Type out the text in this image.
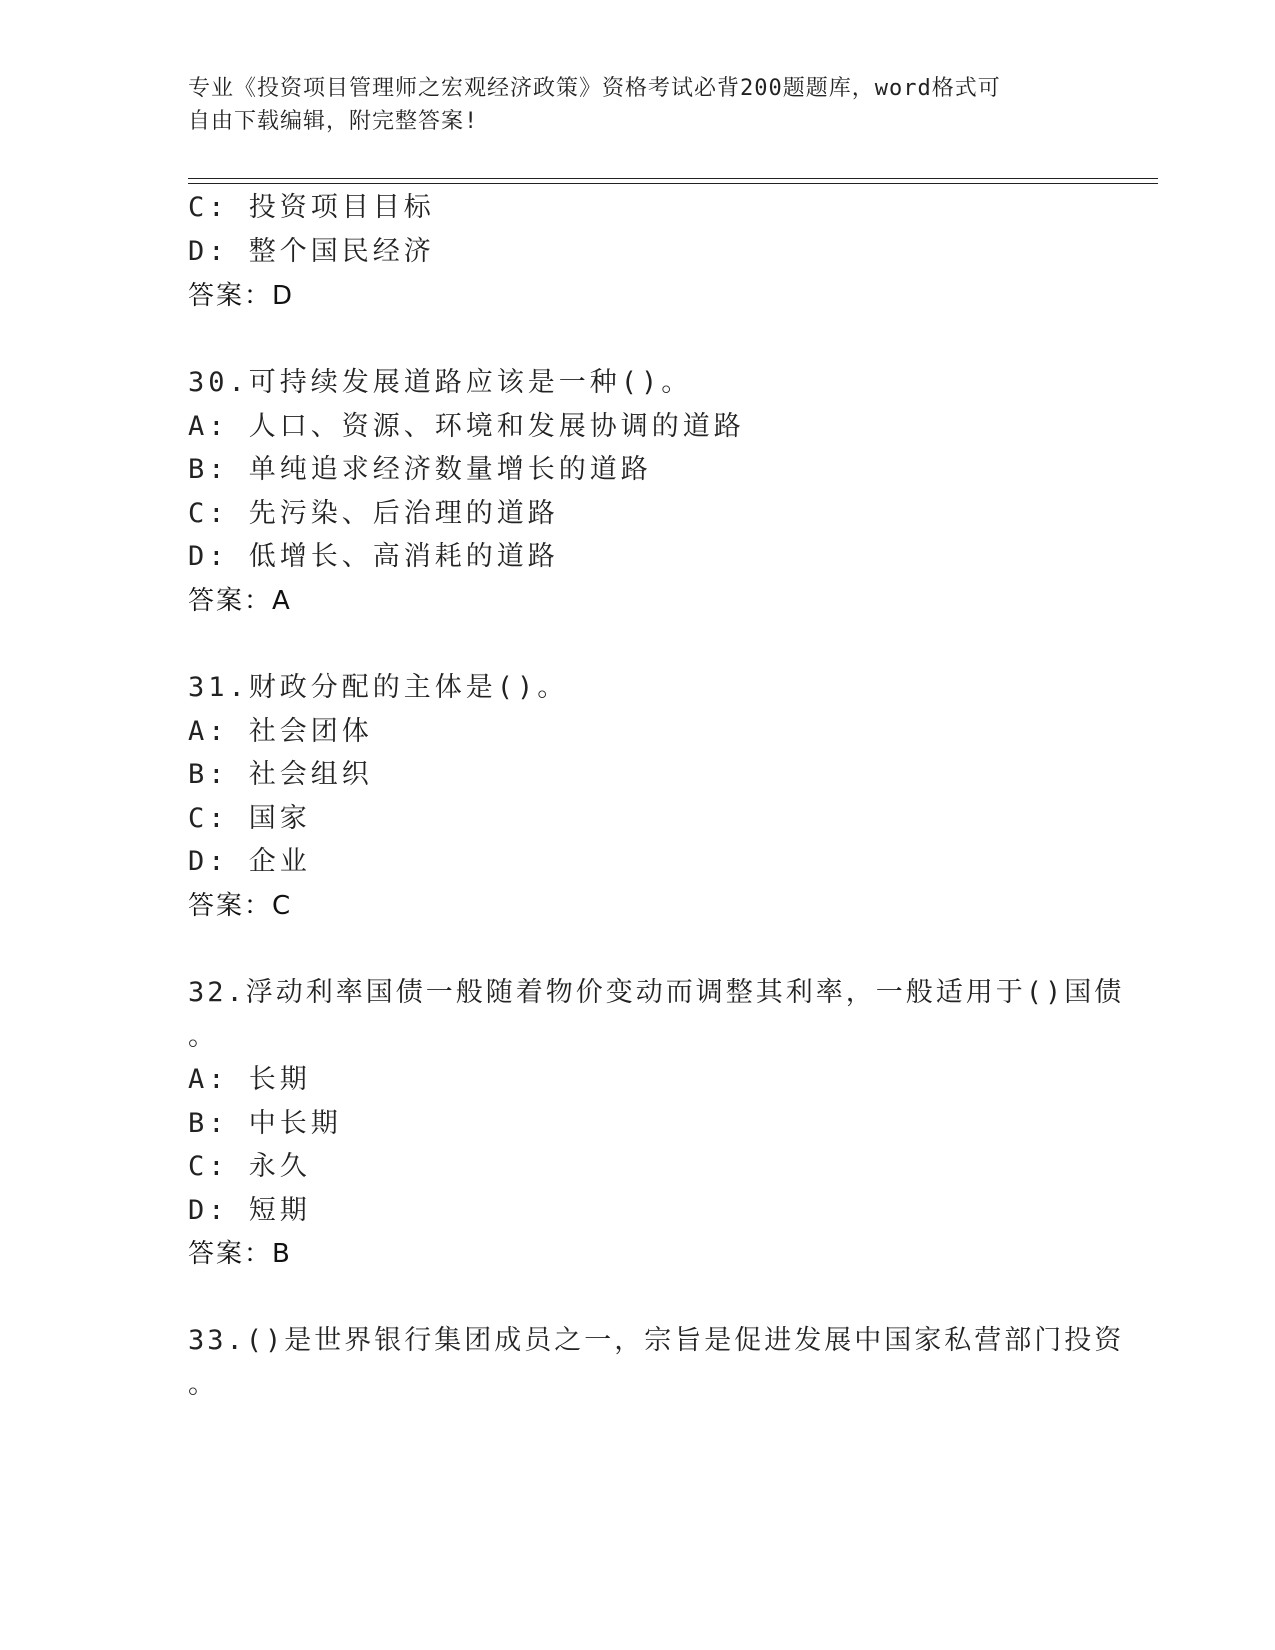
专业《投资项目管理师之宏观经济政策》资格考试必背200题题库，word格式可
自由下载编辑，附完整答案!
C: 投资项目目标
D: 整个国民经济
答案：D
30.可持续发展道路应该是一种()。
A: 人口、资源、环境和发展协调的道路
B: 单纯追求经济数量增长的道路
C: 先污染、后治理的道路
D: 低增长、高消耗的道路
答案：A
31.财政分配的主体是()。
A: 社会团体
B: 社会组织
C: 国家
D: 企业
答案：C
32.浮动利率国债一般随着物价变动而调整其利率，一般适用于()国债
。
A: 长期
B: 中长期
C: 永久
D: 短期
答案：B
33.()是世界银行集团成员之一，宗旨是促进发展中国家私营部门投资
。
